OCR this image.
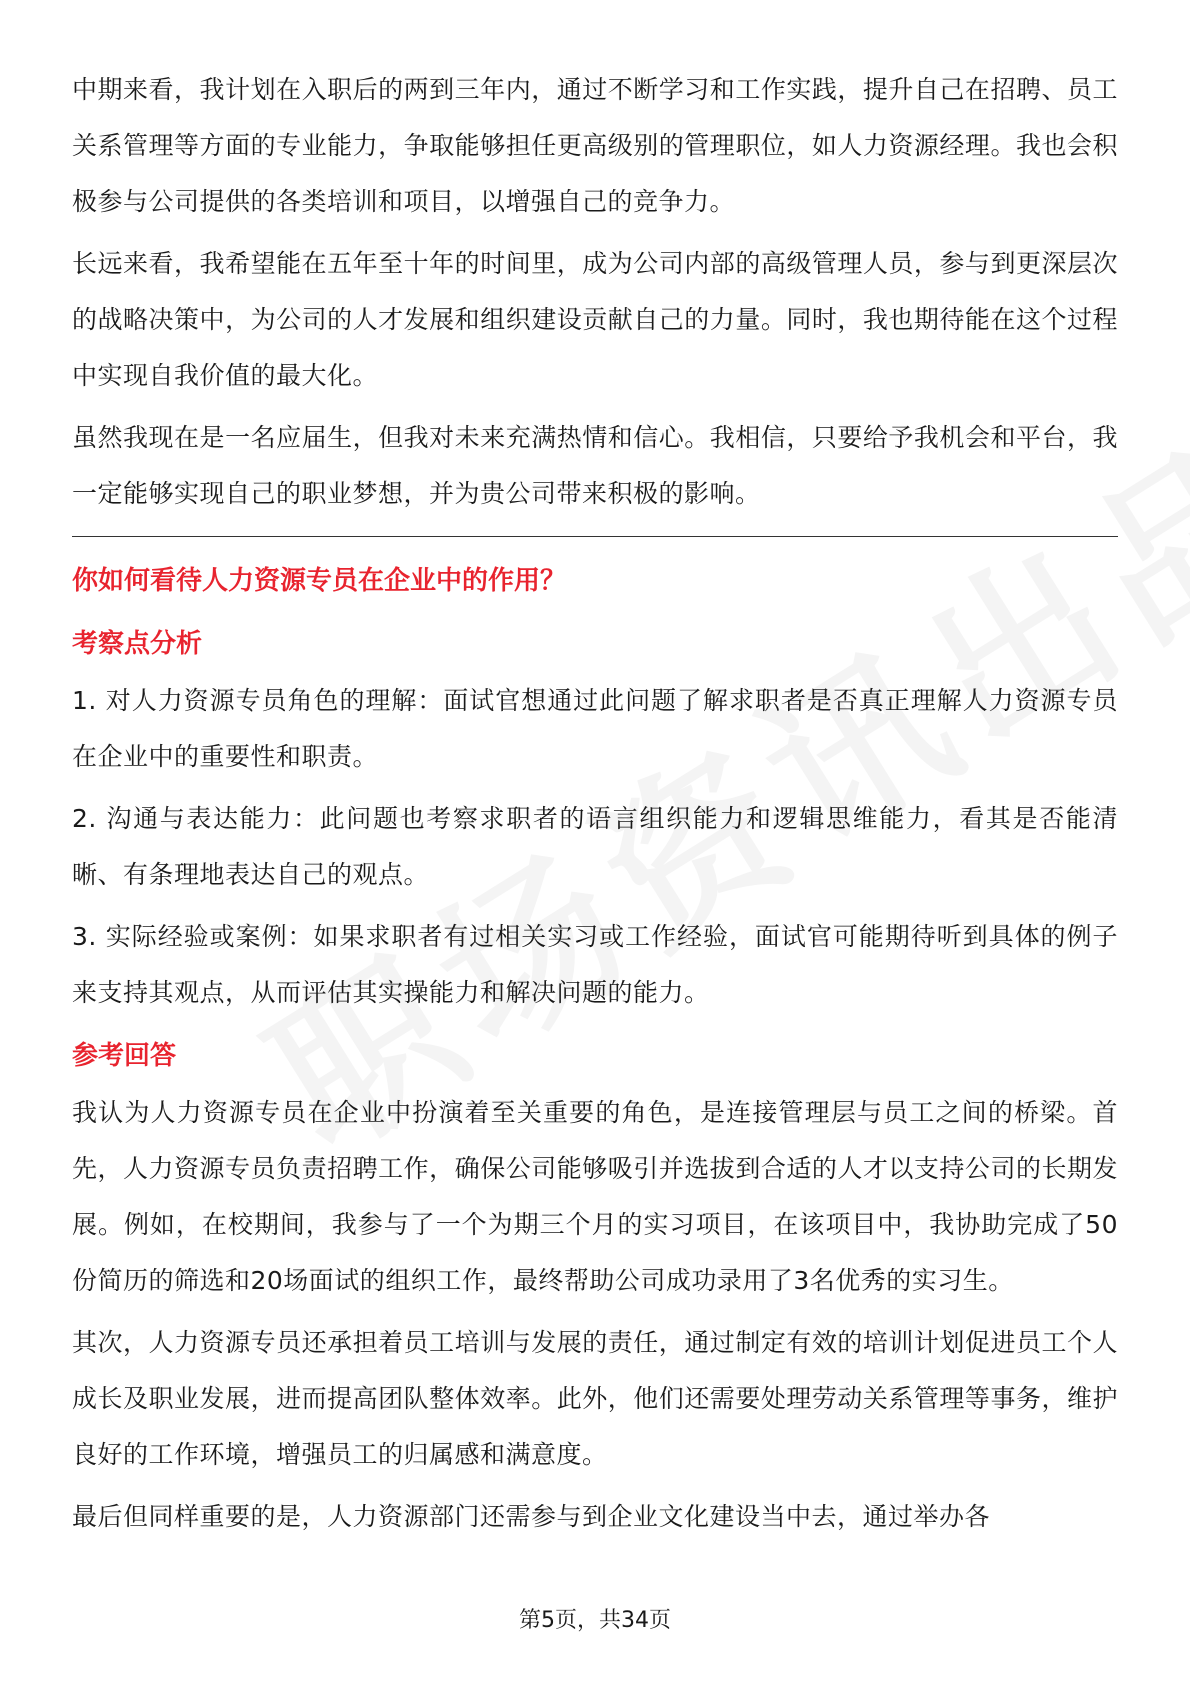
中期来看，我计划在入职后的两到三年内，通过不断学习和工作实践，提升自己在招聘、员工关系管理等方面的专业能力，争取能够担任更高级别的管理职位，如人力资源经理。我也会积极参与公司提供的各类培训和项目，以增强自己的竞争力。

长远来看，我希望能在五年至十年的时间里，成为公司内部的高级管理人员，参与到更深层次的战略决策中，为公司的人才发展和组织建设贡献自己的力量。同时，我也期待能在这个过程中实现自我价值的最大化。

虽然我现在是一名应届生，但我对未来充满热情和信心。我相信，只要给予我机会和平台，我一定能够实现自己的职业梦想，并为贵公司带来积极的影响。

你如何看待人力资源专员在企业中的作用？
考察点分析

1. 对人力资源专员角色的理解：面试官想通过此问题了解求职者是否真正理解人力资源专员在企业中的重要性和职责。

2. 沟通与表达能力：此问题也考察求职者的语言组织能力和逻辑思维能力，看其是否能清晰、有条理地表达自己的观点。

3. 实际经验或案例：如果求职者有过相关实习或工作经验，面试官可能期待听到具体的例子来支持其观点，从而评估其实操能力和解决问题的能力。

参考回答

我认为人力资源专员在企业中扮演着至关重要的角色，是连接管理层与员工之间的桥梁。首先，人力资源专员负责招聘工作，确保公司能够吸引并选拔到合适的人才以支持公司的长期发展。例如，在校期间，我参与了一个为期三个月的实习项目，在该项目中，我协助完成了50份简历的筛选和20场面试的组织工作，最终帮助公司成功录用了3名优秀的实习生。

其次，人力资源专员还承担着员工培训与发展的责任，通过制定有效的培训计划促进员工个人成长及职业发展，进而提高团队整体效率。此外，他们还需要处理劳动关系管理等事务，维护良好的工作环境，增强员工的归属感和满意度。

最后但同样重要的是，人力资源部门还需参与到企业文化建设当中去，通过举办各

第5页，共34页
